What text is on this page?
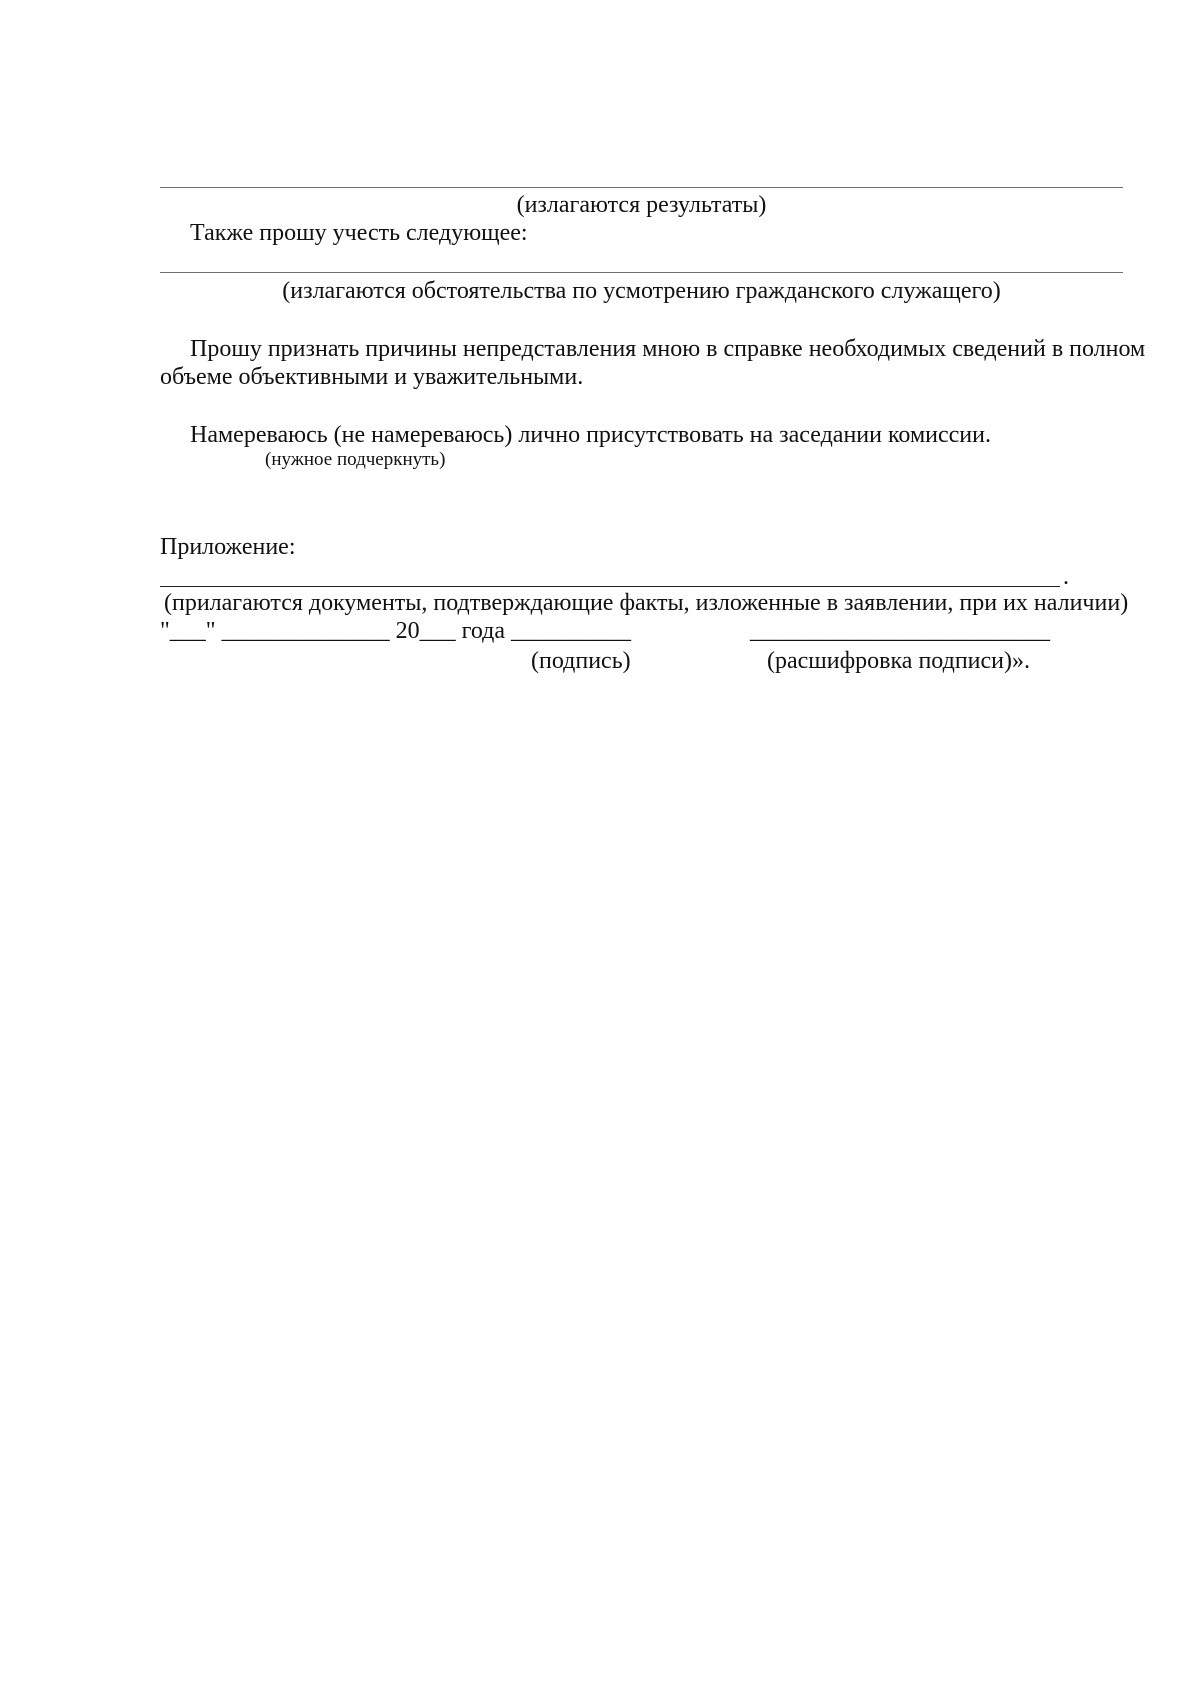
(излагаются результаты)
Также прошу учесть следующее:
(излагаются обстоятельства по усмотрению гражданского служащего)
Прошу признать причины непредставления мною в справке необходимых сведений в полном
объеме объективными и уважительными.
Намереваюсь (не намереваюсь) лично присутствовать на заседании комиссии.
(нужное подчеркнуть)
Приложение:
.
(прилагаются документы, подтверждающие факты, изложенные в заявлении, при их наличии)
"___" ______________ 20___ года __________	_________________________
(подпись)	(расшифровка подписи)».
